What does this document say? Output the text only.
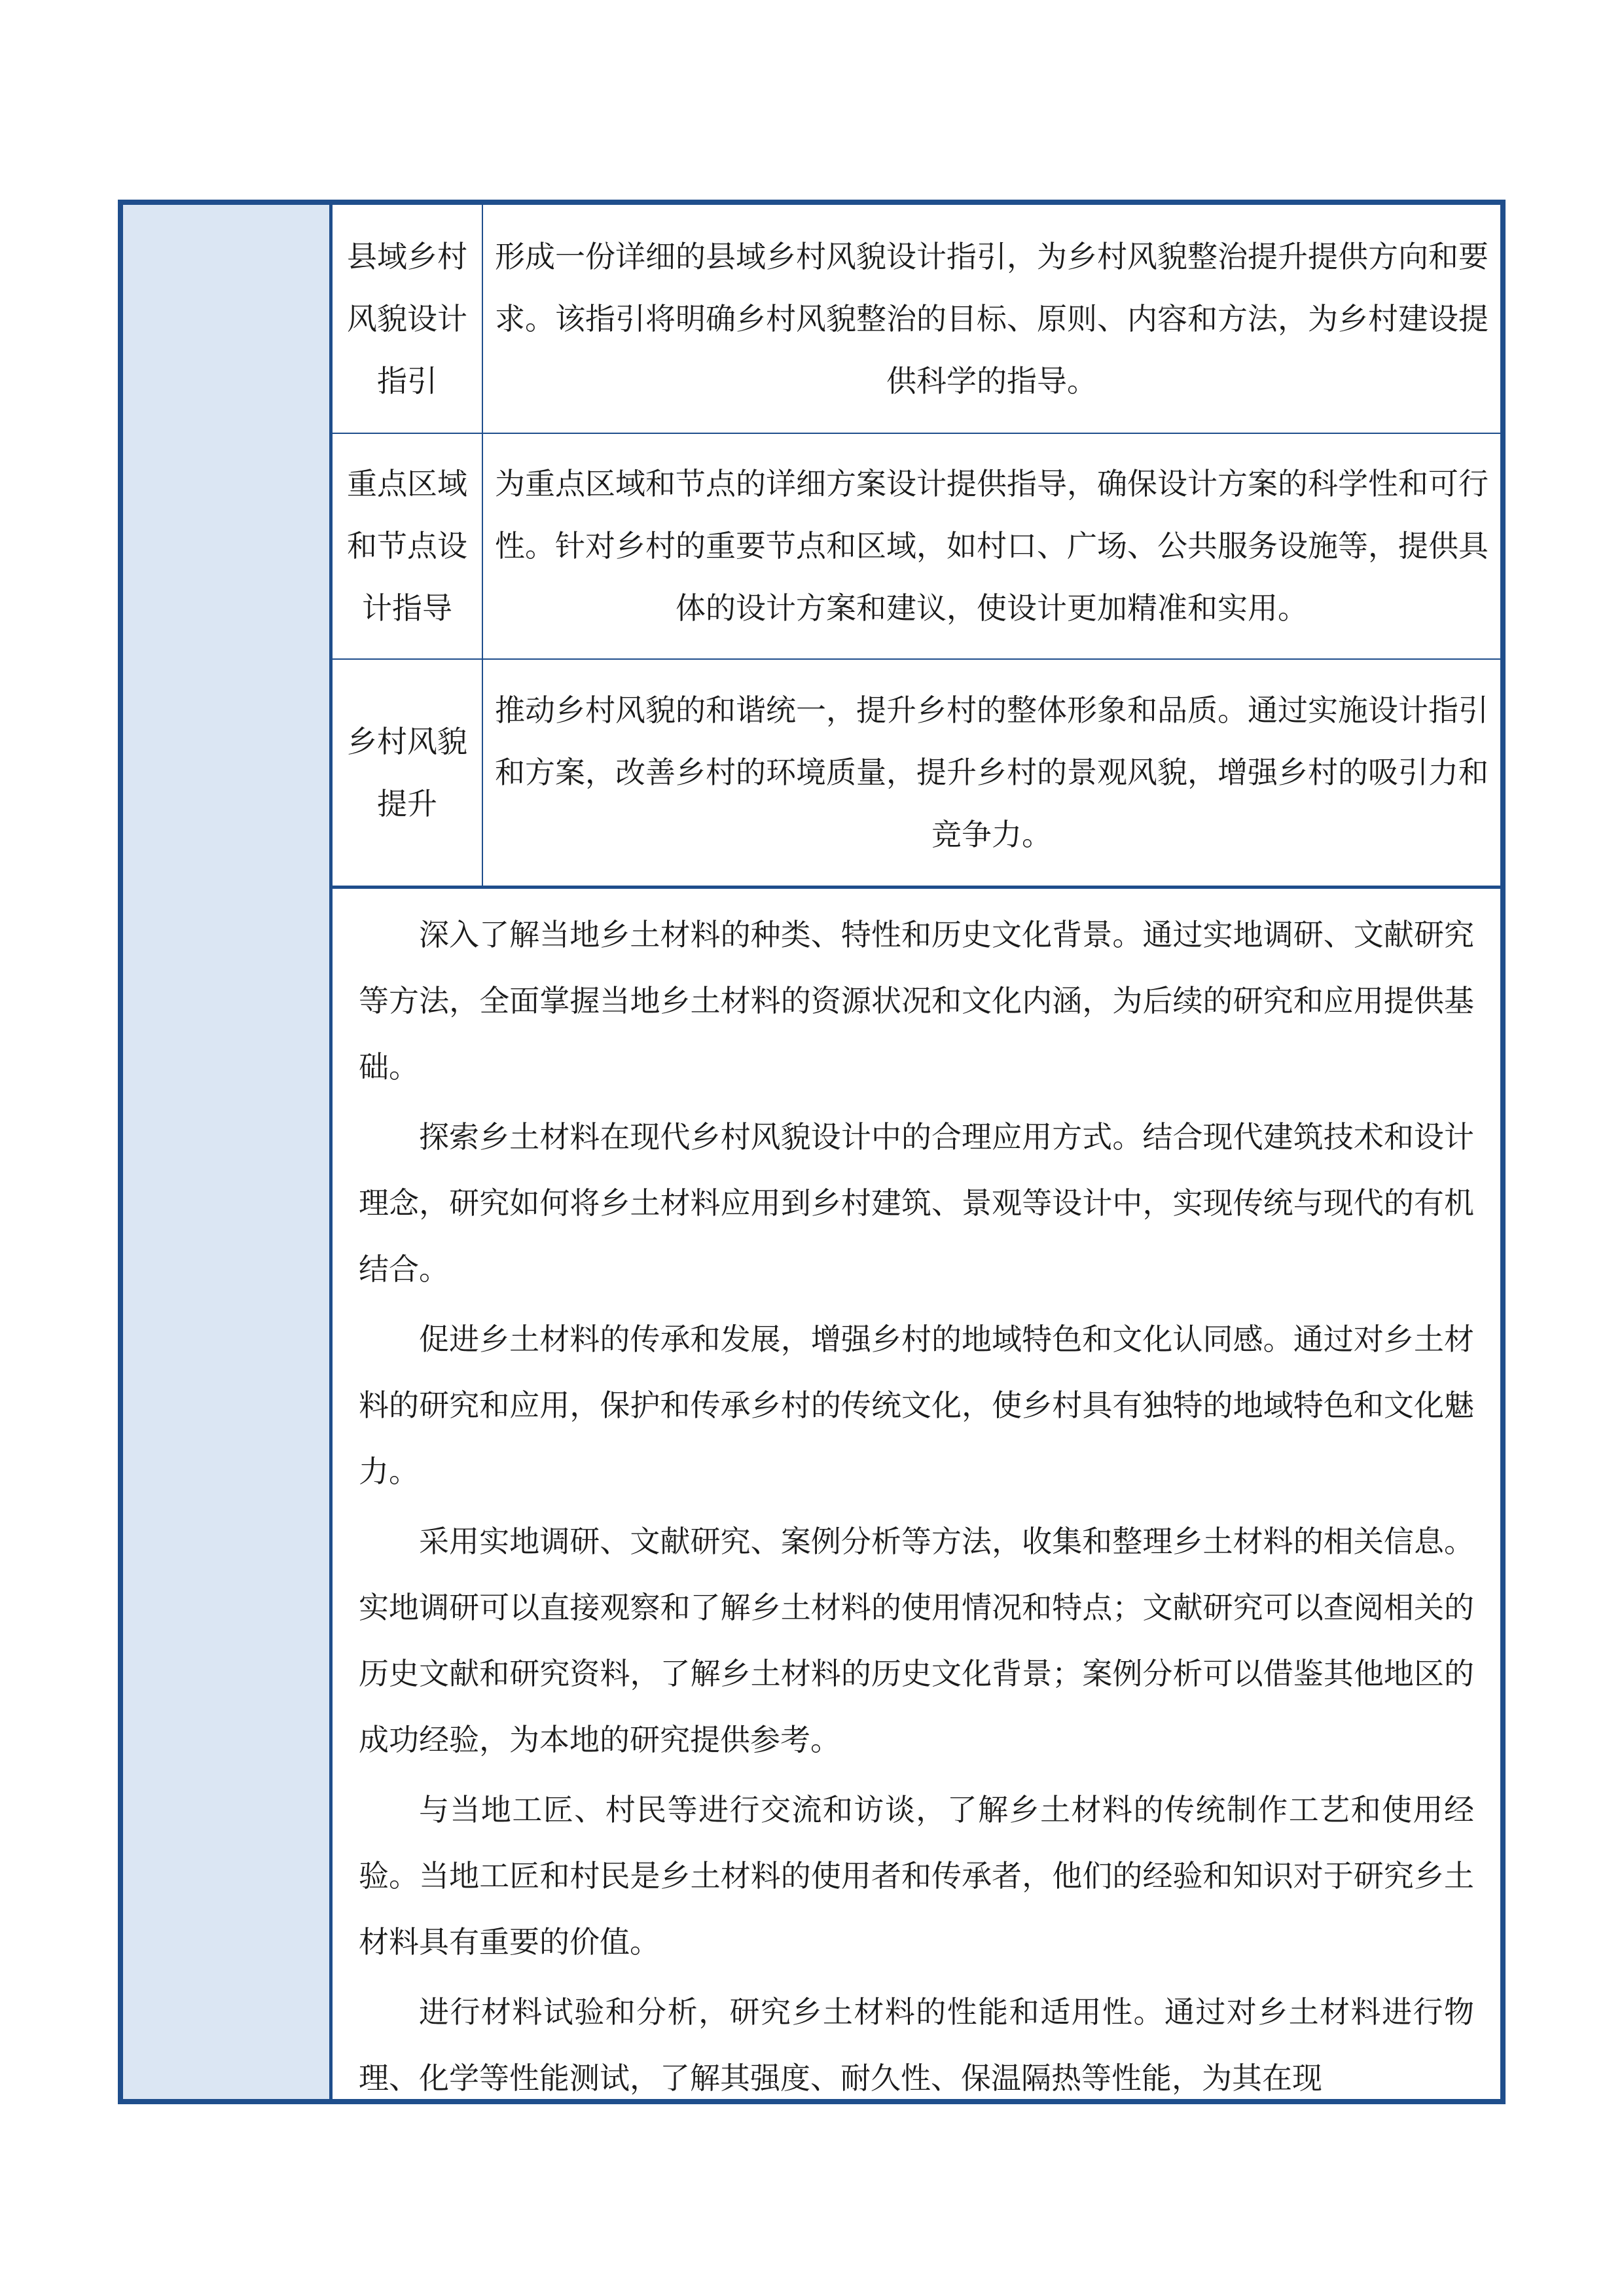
县域乡村风貌设计指引
形成一份详细的县域乡村风貌设计指引，为乡村风貌整治提升提供方向和要求。该指引将明确乡村风貌整治的目标、原则、内容和方法，为乡村建设提供科学的指导。
重点区域和节点设计指导
为重点区域和节点的详细方案设计提供指导，确保设计方案的科学性和可行性。针对乡村的重要节点和区域，如村口、广场、公共服务设施等，提供具体的设计方案和建议，使设计更加精准和实用。
乡村风貌提升
推动乡村风貌的和谐统一，提升乡村的整体形象和品质。通过实施设计指引和方案，改善乡村的环境质量，提升乡村的景观风貌，增强乡村的吸引力和竞争力。

深入了解当地乡土材料的种类、特性和历史文化背景。通过实地调研、文献研究等方法，全面掌握当地乡土材料的资源状况和文化内涵，为后续的研究和应用提供基础。

探索乡土材料在现代乡村风貌设计中的合理应用方式。结合现代建筑技术和设计理念，研究如何将乡土材料应用到乡村建筑、景观等设计中，实现传统与现代的有机结合。

促进乡土材料的传承和发展，增强乡村的地域特色和文化认同感。通过对乡土材料的研究和应用，保护和传承乡村的传统文化，使乡村具有独特的地域特色和文化魅力。

采用实地调研、文献研究、案例分析等方法，收集和整理乡土材料的相关信息。实地调研可以直接观察和了解乡土材料的使用情况和特点；文献研究可以查阅相关的历史文献和研究资料，了解乡土材料的历史文化背景；案例分析可以借鉴其他地区的成功经验，为本地的研究提供参考。

与当地工匠、村民等进行交流和访谈，了解乡土材料的传统制作工艺和使用经验。当地工匠和村民是乡土材料的使用者和传承者，他们的经验和知识对于研究乡土材料具有重要的价值。

进行材料试验和分析，研究乡土材料的性能和适用性。通过对乡土材料进行物理、化学等性能测试，了解其强度、耐久性、保温隔热等性能，为其在现
